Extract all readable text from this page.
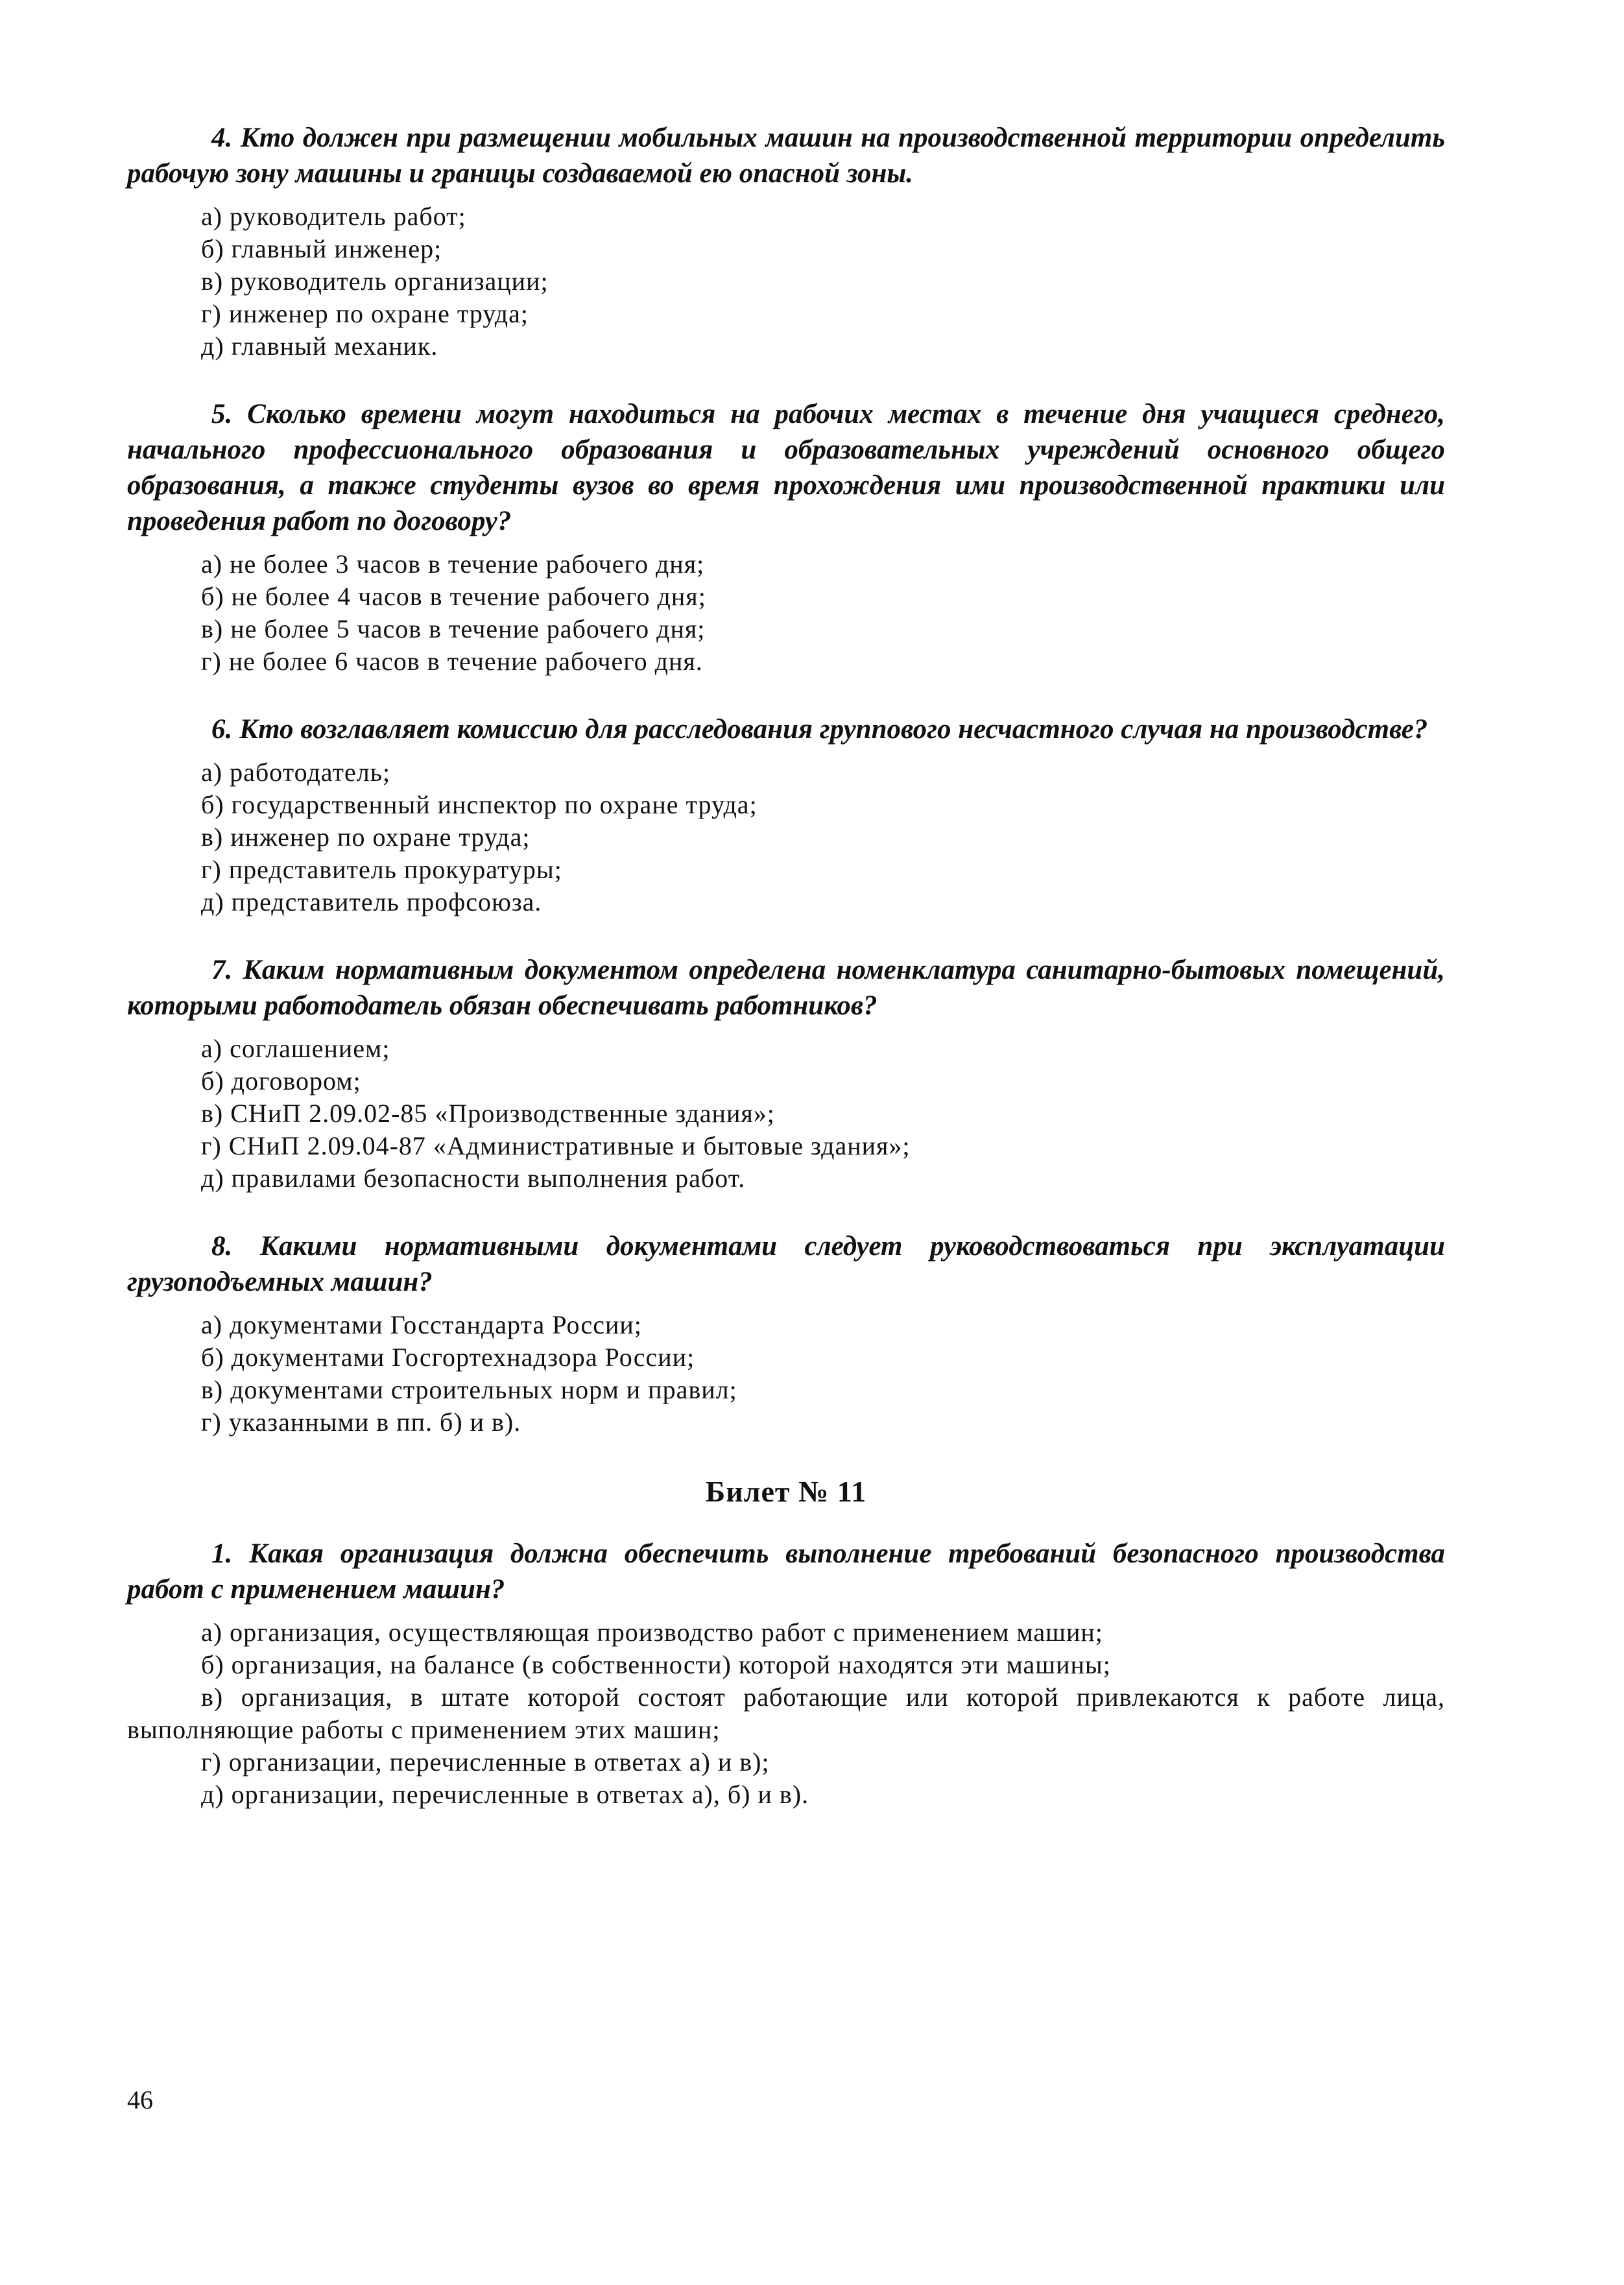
4. Кто должен при размещении мобильных машин на производственной территории определить рабочую зону машины и границы создаваемой ею опасной зоны.

а) руководитель работ;
б) главный инженер;
в) руководитель организации;
г) инженер по охране труда;
д) главный механик.

5. Сколько времени могут находиться на рабочих местах в течение дня учащиеся среднего, начального профессионального образования и образовательных учреждений основного общего образования, а также студенты вузов во время прохождения ими производственной практики или проведения работ по договору?

а) не более 3 часов в течение рабочего дня;
б) не более 4 часов в течение рабочего дня;
в) не более 5 часов в течение рабочего дня;
г) не более 6 часов в течение рабочего дня.

6. Кто возглавляет комиссию для расследования группового несчастного случая на производстве?

а) работодатель;
б) государственный инспектор по охране труда;
в) инженер по охране труда;
г) представитель прокуратуры;
д) представитель профсоюза.

7. Каким нормативным документом определена номенклатура санитарно-бытовых помещений, которыми работодатель обязан обеспечивать работников?

а) соглашением;
б) договором;
в) СНиП 2.09.02-85 «Производственные здания»;
г) СНиП 2.09.04-87 «Административные и бытовые здания»;
д) правилами безопасности выполнения работ.

8. Какими нормативными документами следует руководствоваться при эксплуатации грузоподъемных машин?

а) документами Госстандарта России;
б) документами Госгортехнадзора России;
в) документами строительных норм и правил;
г) указанными в пп. б) и в).
Билет № 11

1. Какая организация должна обеспечить выполнение требований безопасного производства работ с применением машин?

а) организация, осуществляющая производство работ с применением машин;
б) организация, на балансе (в собственности) которой находятся эти машины;
в) организация, в штате которой состоят работающие или которой привлекаются к работе лица, выполняющие работы с применением этих машин;
г) организации, перечисленные в ответах а) и в);
д) организации, перечисленные в ответах а), б) и в).
46
